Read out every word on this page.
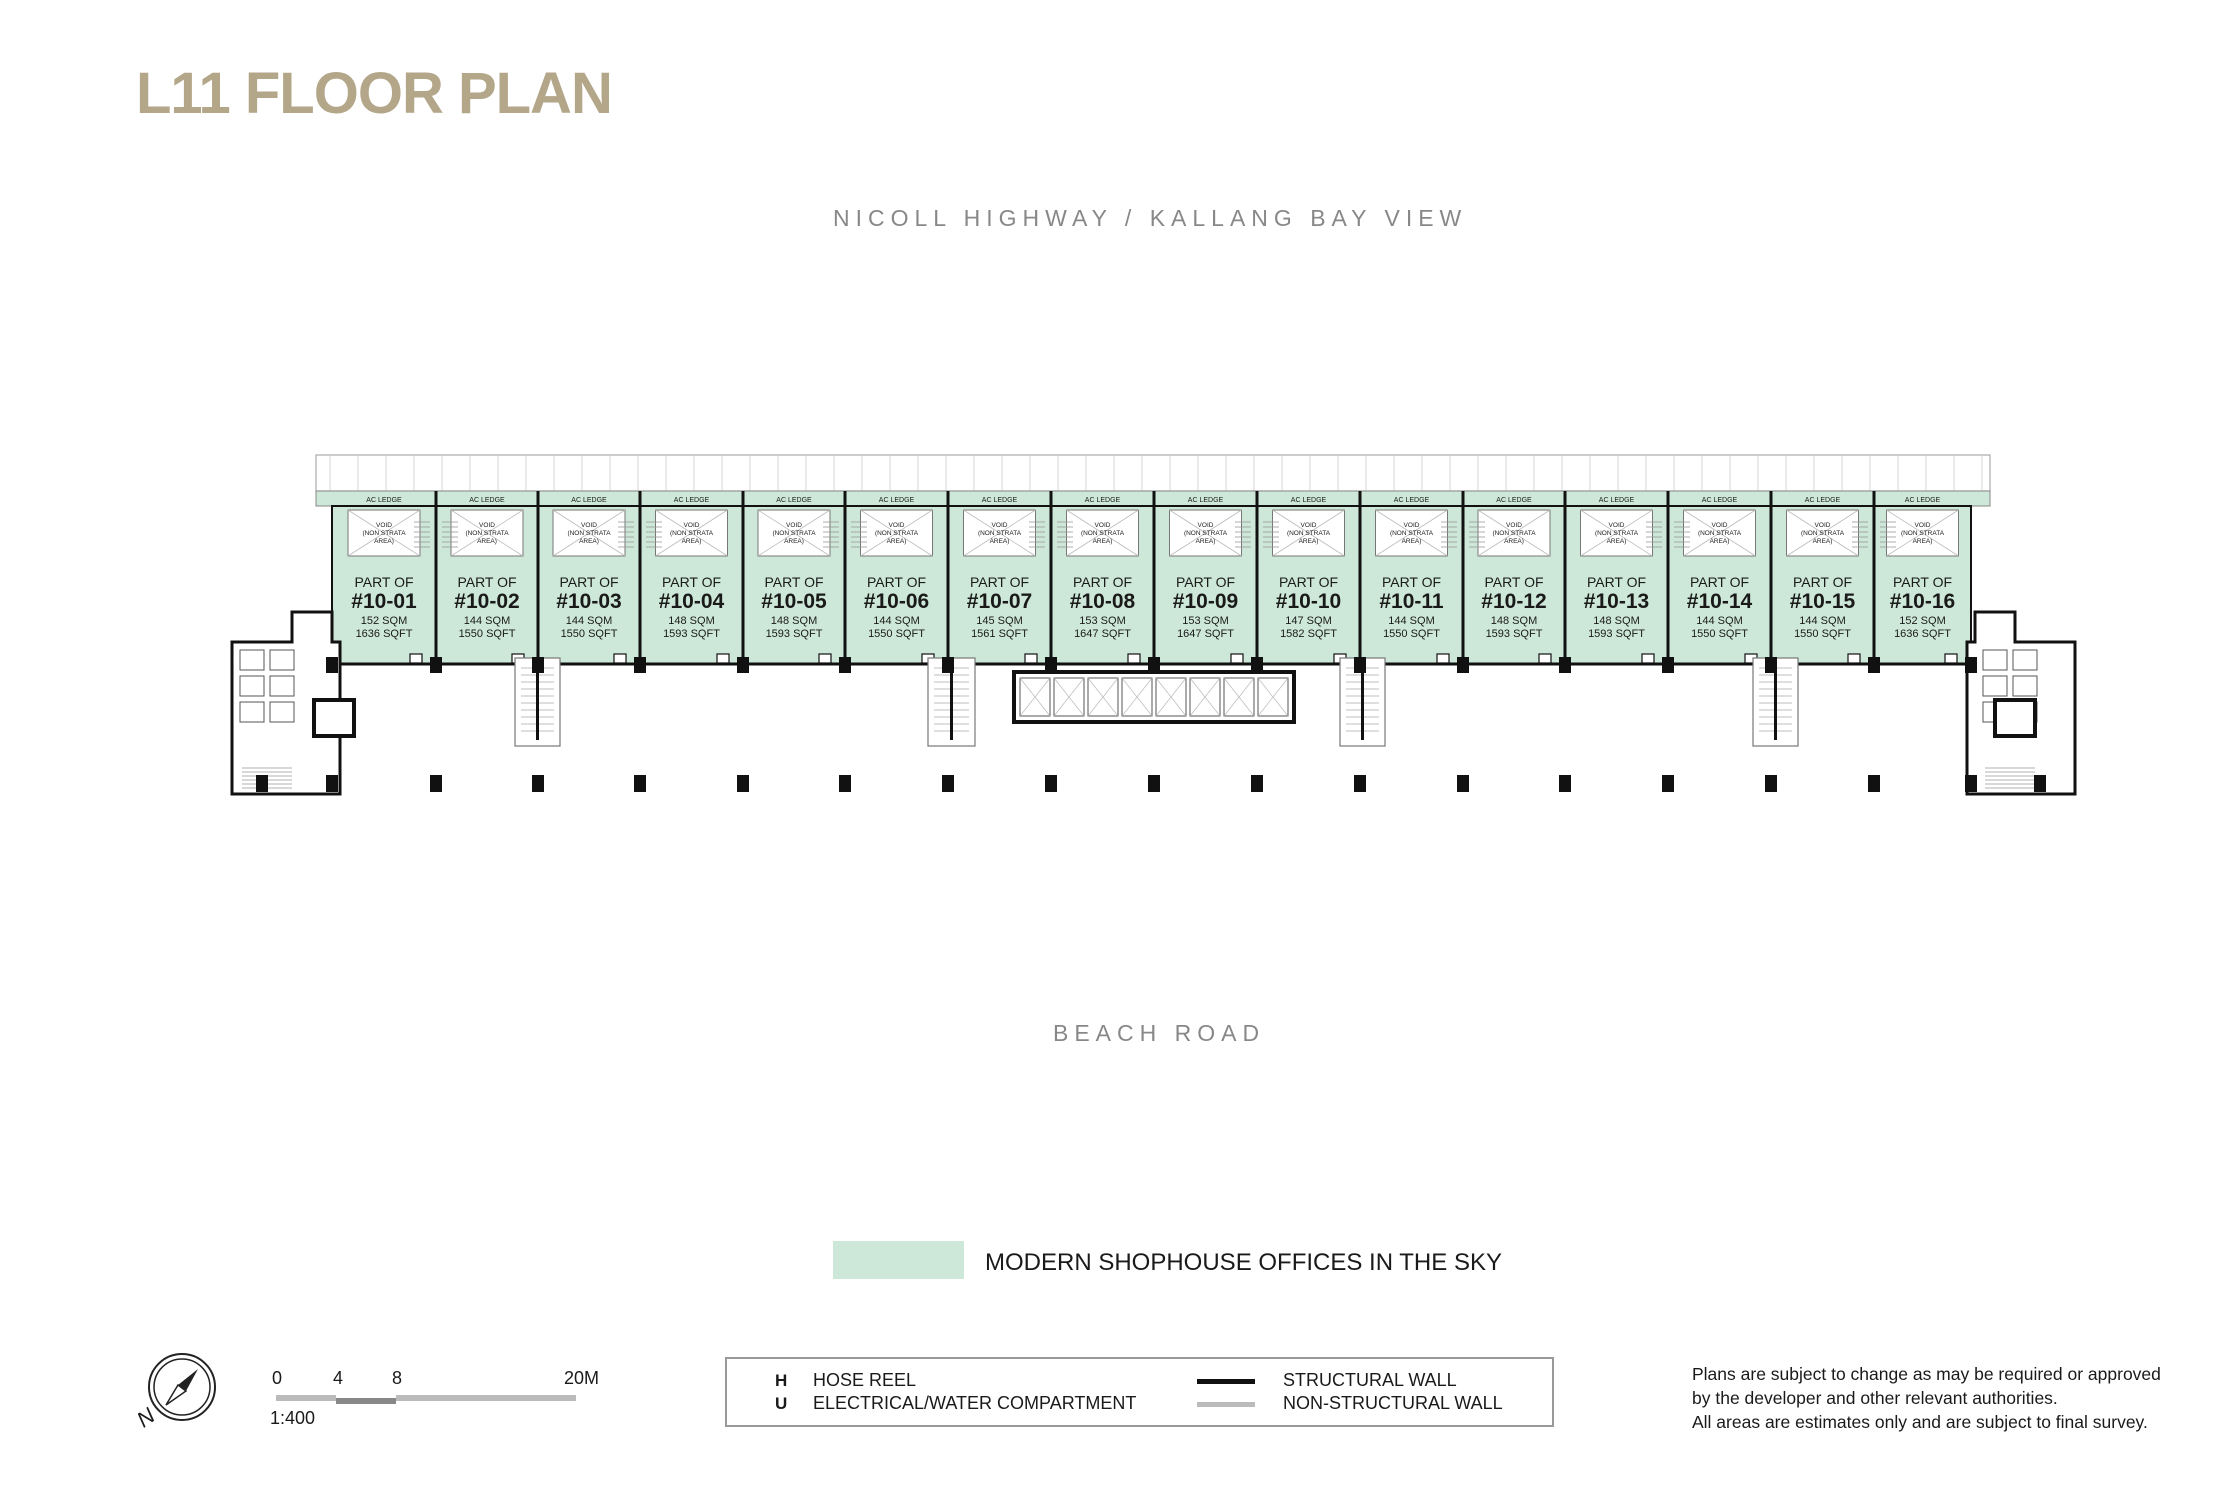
L11 FLOOR PLAN
NICOLL HIGHWAY / KALLANG BAY VIEW
BEACH ROAD
AC LEDGE
VOID
(NON STRATA
AREA)
PART OF
#10-01
152 SQM
1636 SQFT
AC LEDGE
VOID
(NON STRATA
AREA)
PART OF
#10-02
144 SQM
1550 SQFT
AC LEDGE
VOID
(NON STRATA
AREA)
PART OF
#10-03
144 SQM
1550 SQFT
AC LEDGE
VOID
(NON STRATA
AREA)
PART OF
#10-04
148 SQM
1593 SQFT
AC LEDGE
VOID
(NON STRATA
AREA)
PART OF
#10-05
148 SQM
1593 SQFT
AC LEDGE
VOID
(NON STRATA
AREA)
PART OF
#10-06
144 SQM
1550 SQFT
AC LEDGE
VOID
(NON STRATA
AREA)
PART OF
#10-07
145 SQM
1561 SQFT
AC LEDGE
VOID
(NON STRATA
AREA)
PART OF
#10-08
153 SQM
1647 SQFT
AC LEDGE
VOID
(NON STRATA
AREA)
PART OF
#10-09
153 SQM
1647 SQFT
AC LEDGE
VOID
(NON STRATA
AREA)
PART OF
#10-10
147 SQM
1582 SQFT
AC LEDGE
VOID
(NON STRATA
AREA)
PART OF
#10-11
144 SQM
1550 SQFT
AC LEDGE
VOID
(NON STRATA
AREA)
PART OF
#10-12
148 SQM
1593 SQFT
AC LEDGE
VOID
(NON STRATA
AREA)
PART OF
#10-13
148 SQM
1593 SQFT
AC LEDGE
VOID
(NON STRATA
AREA)
PART OF
#10-14
144 SQM
1550 SQFT
AC LEDGE
VOID
(NON STRATA
AREA)
PART OF
#10-15
144 SQM
1550 SQFT
AC LEDGE
VOID
(NON STRATA
AREA)
PART OF
#10-16
152 SQM
1636 SQFT
MODERN SHOPHOUSE OFFICES IN THE SKY
N
0	4	8	20M
1:400
H HOSE REEL
U ELECTRICAL/WATER COMPARTMENT
STRUCTURAL WALL
NON-STRUCTURAL WALL
Plans are subject to change as may be required or approved
by the developer and other relevant authorities.
All areas are estimates only and are subject to final survey.
